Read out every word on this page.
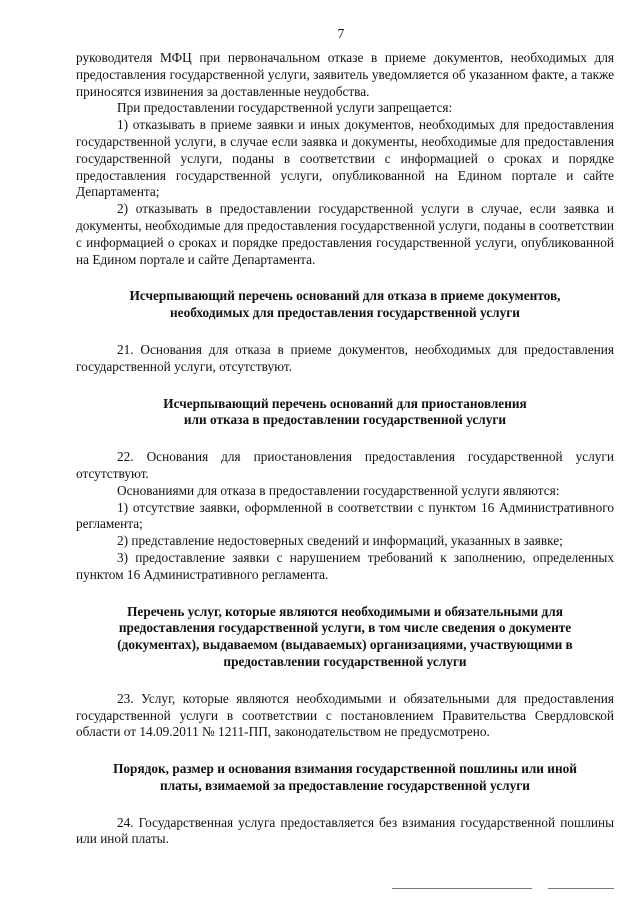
7

руководителя МФЦ при первоначальном отказе в приеме документов, необходимых для предоставления государственной услуги, заявитель уведомляется об указанном факте, а также приносятся извинения за доставленные неудобства.

При предоставлении государственной услуги запрещается:

1) отказывать в приеме заявки и иных документов, необходимых для предоставления государственной услуги, в случае если заявка и документы, необходимые для предоставления государственной услуги, поданы в соответствии с информацией о сроках и порядке предоставления государственной услуги, опубликованной на Едином портале и сайте Департамента;

2) отказывать в предоставлении государственной услуги в случае, если заявка и документы, необходимые для предоставления государственной услуги, поданы в соответствии с информацией о сроках и порядке предоставления государственной услуги, опубликованной на Едином портале и сайте Департамента.

Исчерпывающий перечень оснований для отказа в приеме документов,
необходимых для предоставления государственной услуги

21. Основания для отказа в приеме документов, необходимых для предоставления государственной услуги, отсутствуют.

Исчерпывающий перечень оснований для приостановления
или отказа в предоставлении государственной услуги

22. Основания для приостановления предоставления государственной услуги отсутствуют.

Основаниями для отказа в предоставлении государственной услуги являются:

1) отсутствие заявки, оформленной в соответствии с пунктом 16 Административного регламента;

2) представление недостоверных сведений и информаций, указанных в заявке;

3) предоставление заявки с нарушением требований к заполнению, определенных пунктом 16 Административного регламента.

Перечень услуг, которые являются необходимыми и обязательными для
предоставления государственной услуги, в том числе сведения о документе
(документах), выдаваемом (выдаваемых) организациями, участвующими в
предоставлении государственной услуги

23. Услуг, которые являются необходимыми и обязательными для предоставления государственной услуги в соответствии с постановлением Правительства Свердловской области от 14.09.2011 № 1211-ПП, законодательством не предусмотрено.

Порядок, размер и основания взимания государственной пошлины или иной
платы, взимаемой за предоставление государственной услуги

24. Государственная услуга предоставляется без взимания государственной пошлины или иной платы.
